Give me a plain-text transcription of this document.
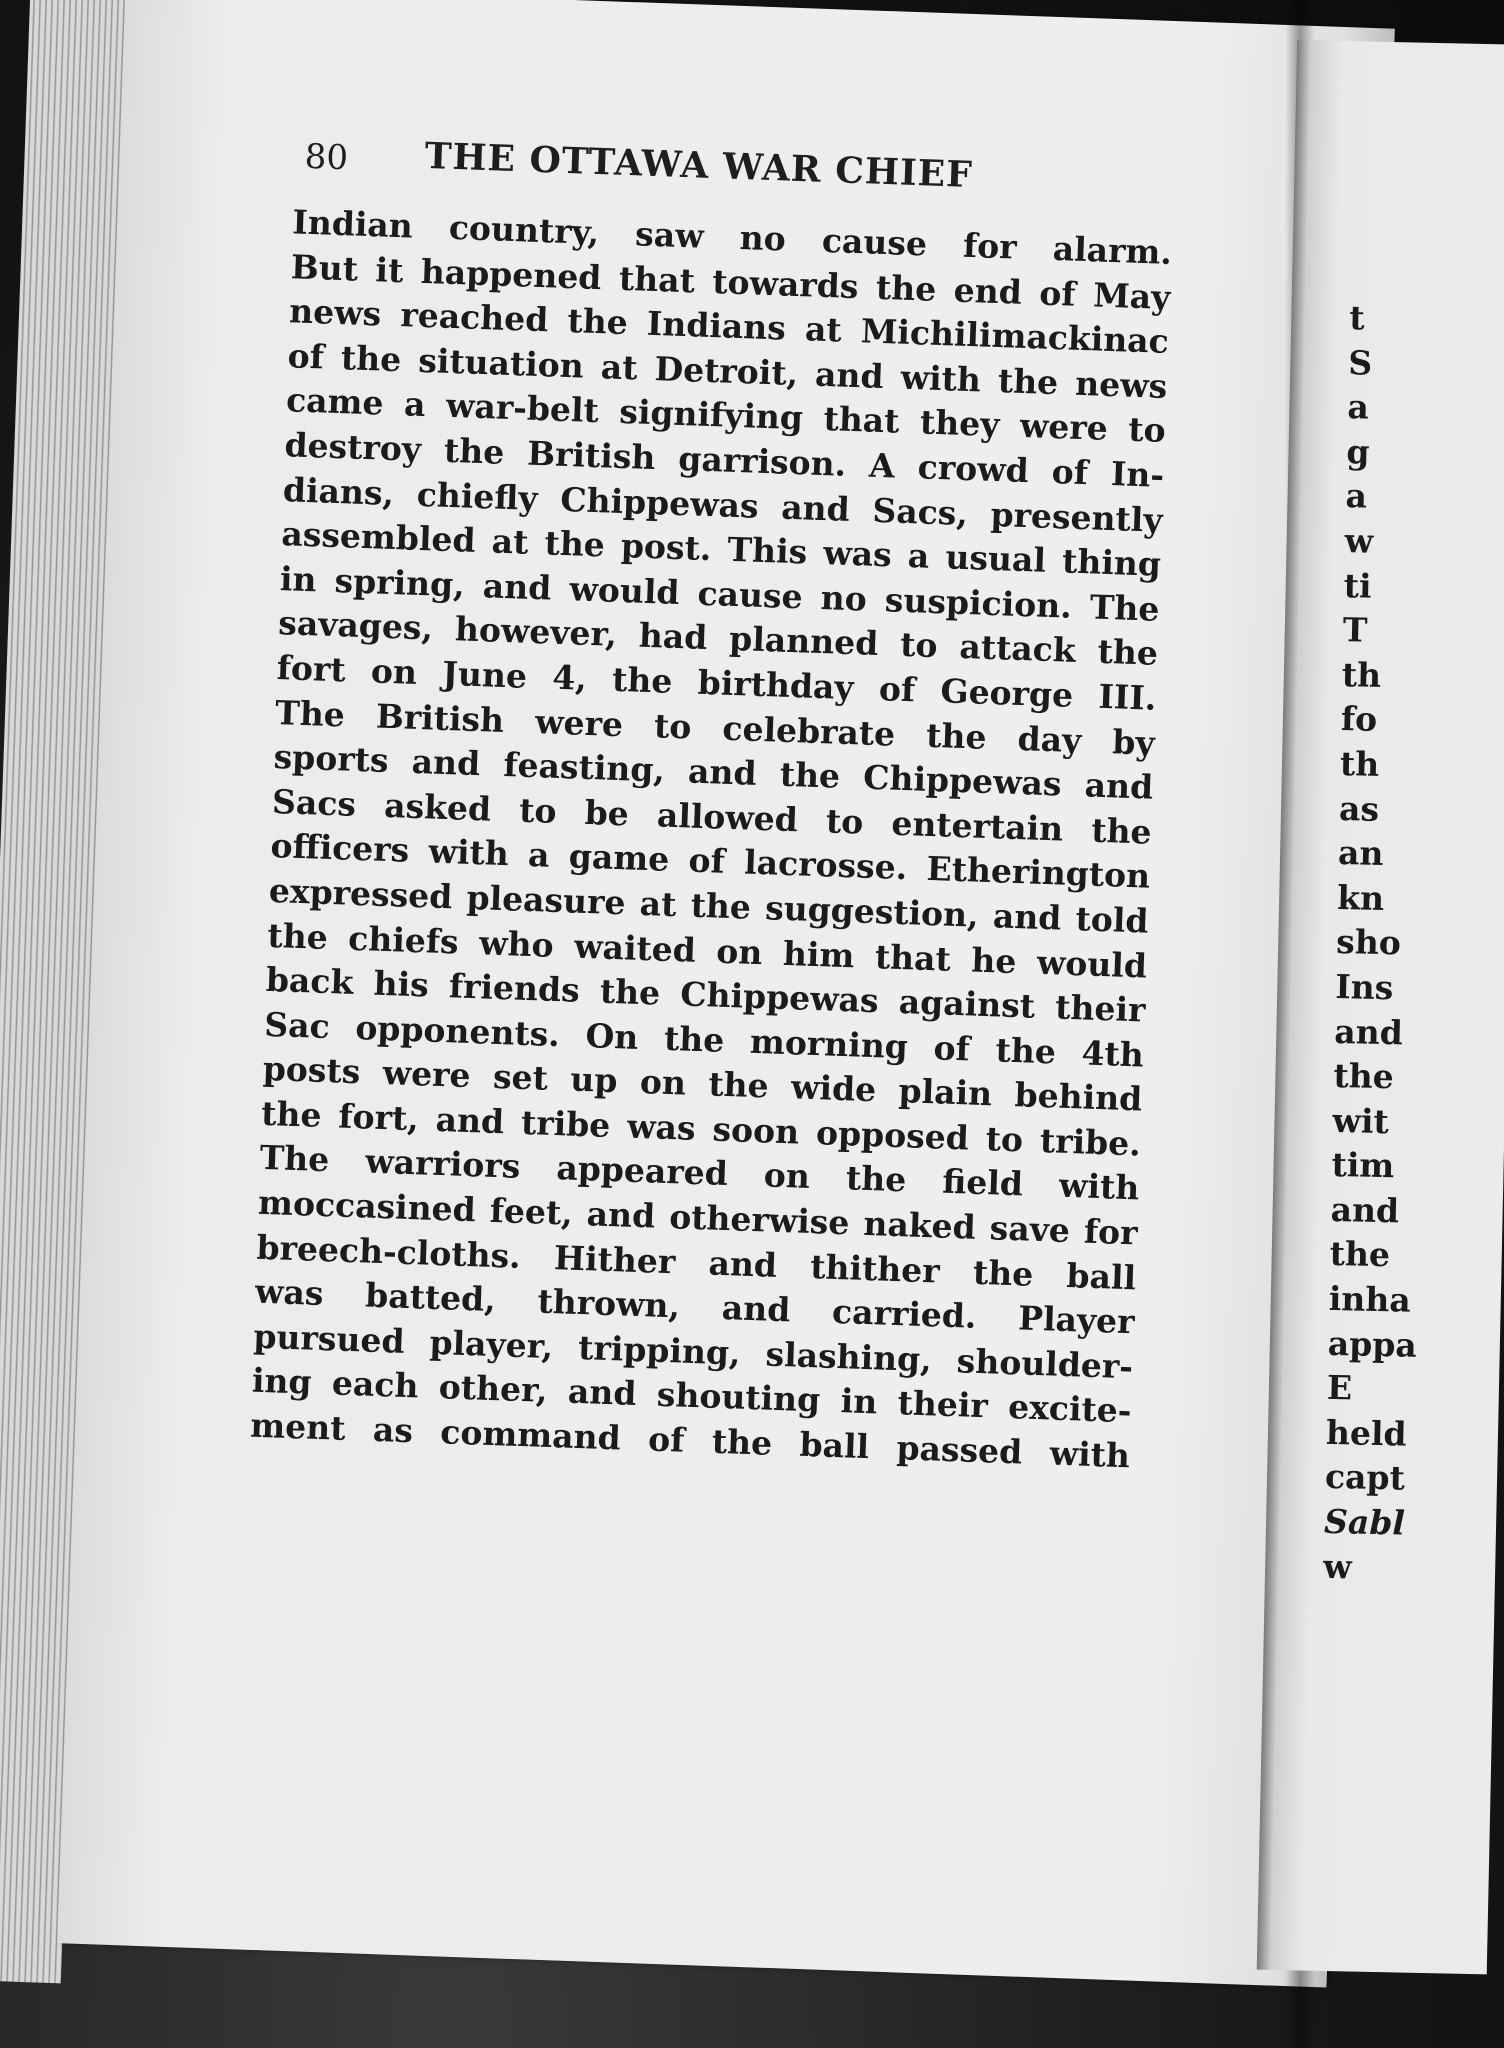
80 THE OTTAWA WAR CHIEF
Indian country, saw no cause for alarm.
But it happened that towards the end of May
news reached the Indians at Michilimackinac
of the situation at Detroit, and with the news
came a war-belt signifying that they were to
destroy the British garrison. A crowd of In-
dians, chiefly Chippewas and Sacs, presently
assembled at the post. This was a usual thing
in spring, and would cause no suspicion. The
savages, however, had planned to attack the
fort on June 4, the birthday of George III.
The British were to celebrate the day by
sports and feasting, and the Chippewas and
Sacs asked to be allowed to entertain the
officers with a game of lacrosse. Etherington
expressed pleasure at the suggestion, and told
the chiefs who waited on him that he would
back his friends the Chippewas against their
Sac opponents. On the morning of the 4th
posts were set up on the wide plain behind
the fort, and tribe was soon opposed to tribe.
The warriors appeared on the field with
moccasined feet, and otherwise naked save for
breech-cloths. Hither and thither the ball
was batted, thrown, and carried. Player
pursued player, tripping, slashing, shoulder-
ing each other, and shouting in their excite-
ment as command of the ball passed with
t
S
a
g
a
w
ti
T
th
fo
th
as
an
kn
sho
Ins
and
the
wit
tim
and
the
inha
appa
E
held
capt
Sabl
w
